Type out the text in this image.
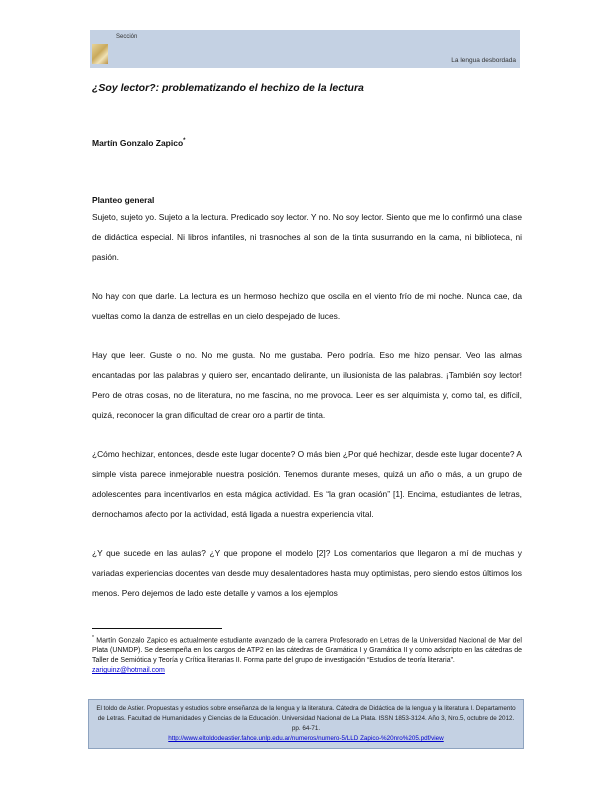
Sección
La lengua desbordada
¿Soy lector?: problematizando el hechizo de la lectura
Martín Gonzalo Zapico*
Planteo general

Sujeto, sujeto yo. Sujeto a la lectura. Predicado soy lector. Y no. No soy lector. Siento que me lo confirmó una clase de didáctica especial. Ni libros infantiles, ni trasnoches al son de la tinta susurrando en la cama, ni biblioteca, ni pasión.

No hay con que darle. La lectura es un hermoso hechizo que oscila en el viento frío de mi noche. Nunca cae, da vueltas como la danza de estrellas en un cielo despejado de luces.

Hay que leer. Guste o no. No me gusta. No me gustaba. Pero podría. Eso me hizo pensar. Veo las almas encantadas por las palabras y quiero ser, encantado delirante, un ilusionista de las palabras. ¡También soy lector! Pero de otras cosas, no de literatura, no me fascina, no me provoca. Leer es ser alquimista y, como tal, es difícil, quizá, reconocer la gran dificultad de crear oro a partir de tinta.

¿Cómo hechizar, entonces, desde este lugar docente? O más bien ¿Por qué hechizar, desde este lugar docente? A simple vista parece inmejorable nuestra posición. Tenemos durante meses, quizá un año o más, a un grupo de adolescentes para incentivarlos en esta mágica actividad. Es “la gran ocasión” [1]. Encima, estudiantes de letras, dernochamos afecto por la actividad, está ligada a nuestra experiencia vital.

¿Y que sucede en las aulas? ¿Y que propone el modelo [2]? Los comentarios que llegaron a mí de muchas y variadas experiencias docentes van desde muy desalentadores hasta muy optimistas, pero siendo estos últimos los menos. Pero dejemos de lado este detalle y vamos a los ejemplos

* Martín Gonzalo Zapico es actualmente estudiante avanzado de la carrera Profesorado en Letras de la Universidad Nacional de Mar del Plata (UNMDP). Se desempeña en los cargos de ATP2 en las cátedras de Gramática I y Gramática II y como adscripto en las cátedras de Taller de Semiótica y Teoría y Crítica literarias II. Forma parte del grupo de investigación “Estudios de teoría literaria”.
zariguinz@hotmail.com
El toldo de Astier. Propuestas y estudios sobre enseñanza de la lengua y la literatura. Cátedra de Didáctica de la lengua y la literatura I. Departamento de Letras. Facultad de Humanidades y Ciencias de la Educación. Universidad Nacional de La Plata. ISSN 1853-3124. Año 3, Nro.5, octubre de 2012. pp. 64-71.
http://www.eltoldodeastier.fahce.unlp.edu.ar/numeros/numero-5/LLD Zapico-%20nro%205.pdf/view
